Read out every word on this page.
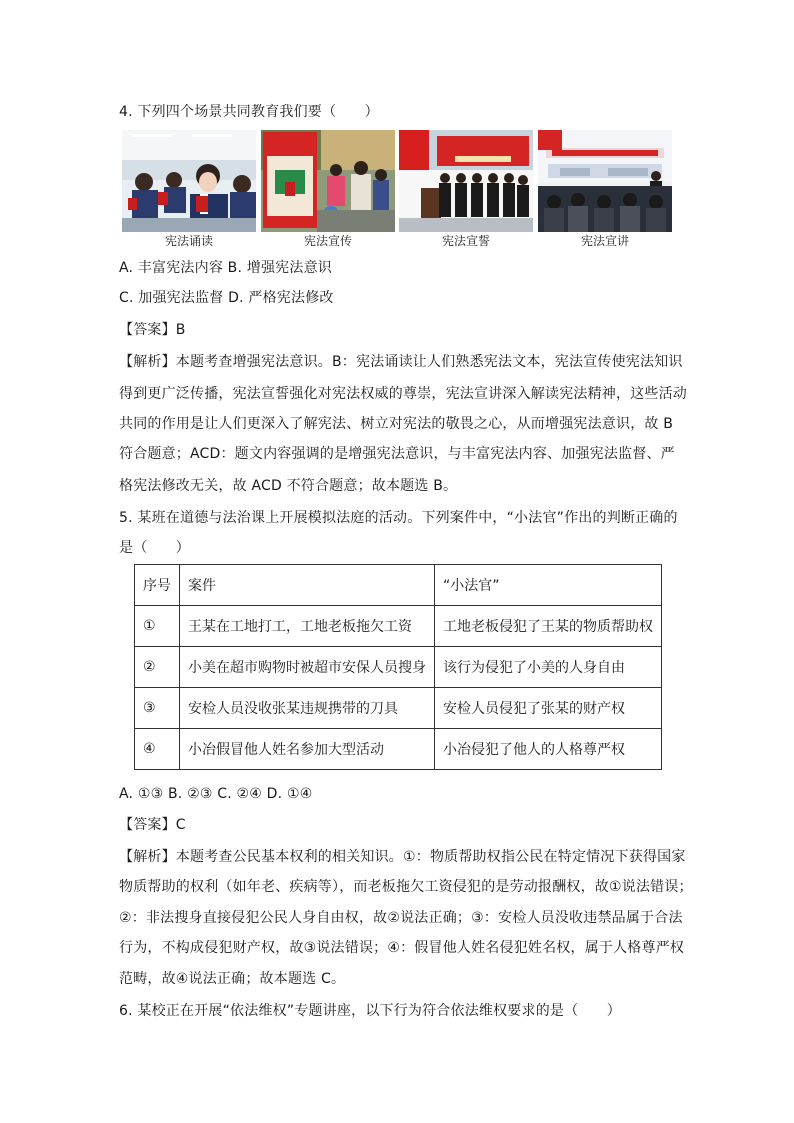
4. 下列四个场景共同教育我们要（　　）
宪法诵读	宪法宣传	宪法宣誓	宪法宣讲
A. 丰富宪法内容 B. 增强宪法意识
C. 加强宪法监督 D. 严格宪法修改
【答案】B
【解析】本题考查增强宪法意识。B：宪法诵读让人们熟悉宪法文本，宪法宣传使宪法知识
得到更广泛传播，宪法宣誓强化对宪法权威的尊崇，宪法宣讲深入解读宪法精神，这些活动
共同的作用是让人们更深入了解宪法、树立对宪法的敬畏之心，从而增强宪法意识，故 B
符合题意；ACD：题文内容强调的是增强宪法意识，与丰富宪法内容、加强宪法监督、严
格宪法修改无关，故 ACD 不符合题意；故本题选 B。
5. 某班在道德与法治课上开展模拟法庭的活动。下列案件中，“小法官”作出的判断正确的
是（　　）
序号	案件	“小法官”
①	王某在工地打工，工地老板拖欠工资	工地老板侵犯了王某的物质帮助权
②	小美在超市购物时被超市安保人员搜身	该行为侵犯了小美的人身自由
③	安检人员没收张某违规携带的刀具	安检人员侵犯了张某的财产权
④	小冶假冒他人姓名参加大型活动	小冶侵犯了他人的人格尊严权
A. ①③ B. ②③ C. ②④ D. ①④
【答案】C
【解析】本题考查公民基本权利的相关知识。①：物质帮助权指公民在特定情况下获得国家
物质帮助的权利（如年老、疾病等），而老板拖欠工资侵犯的是劳动报酬权，故①说法错误；
②：非法搜身直接侵犯公民人身自由权，故②说法正确；③：安检人员没收违禁品属于合法
行为，不构成侵犯财产权，故③说法错误；④：假冒他人姓名侵犯姓名权，属于人格尊严权
范畴，故④说法正确；故本题选 C。
6. 某校正在开展“依法维权”专题讲座，以下行为符合依法维权要求的是（　　）
